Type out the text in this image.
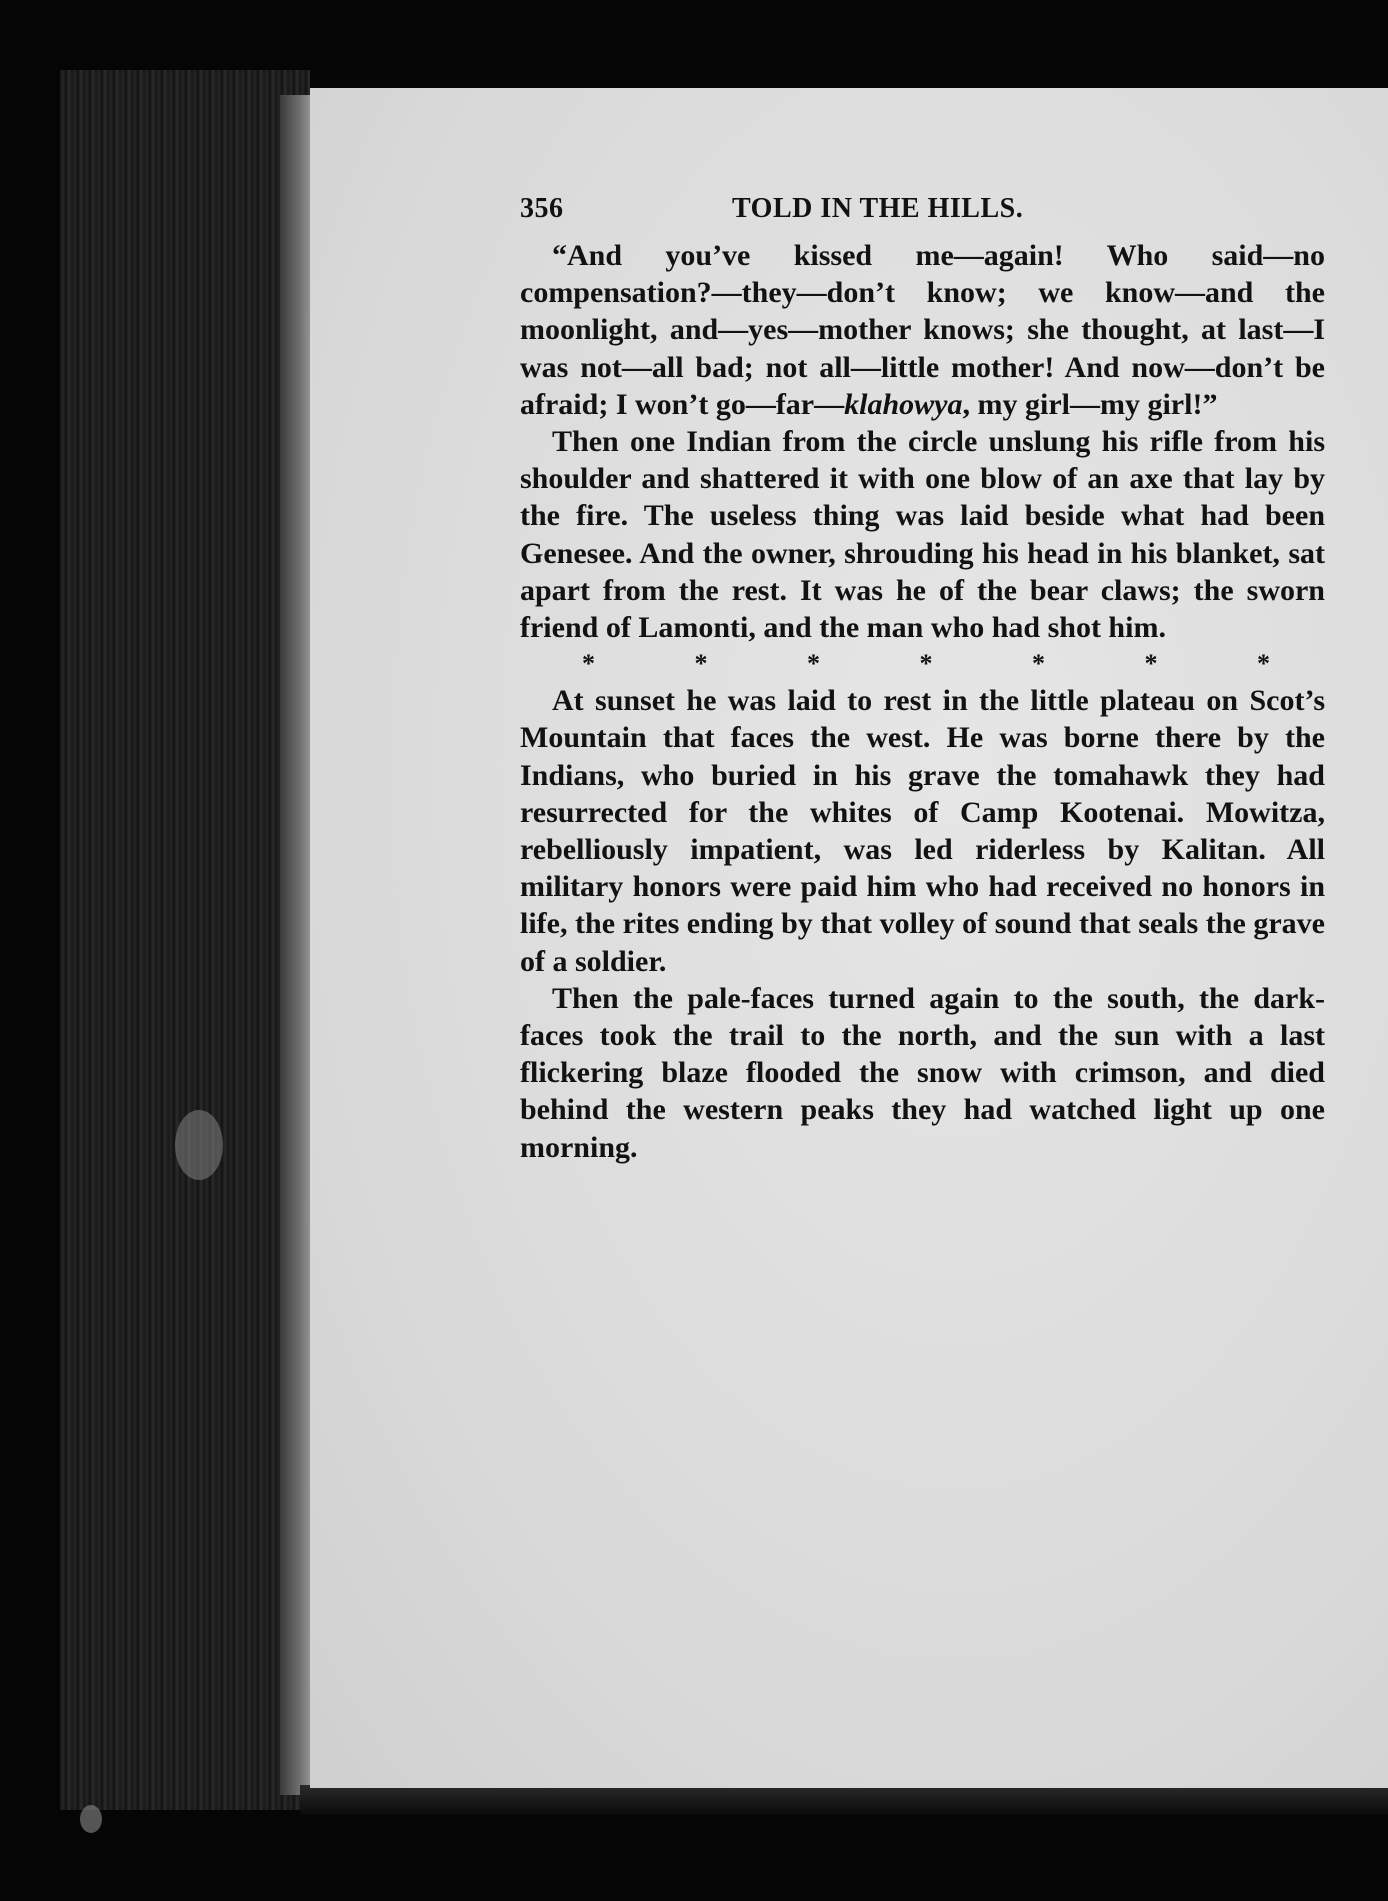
356	TOLD IN THE HILLS.

“And you’ve kissed me—again! Who said—no compensation?—they—don’t know; we know—and the moonlight, and—yes—mother knows; she thought, at last—I was not—all bad; not all—little mother! And now—don’t be afraid; I won’t go—far—klahowya, my girl—my girl!”

Then one Indian from the circle unslung his rifle from his shoulder and shattered it with one blow of an axe that lay by the fire. The useless thing was laid beside what had been Genesee. And the owner, shrouding his head in his blanket, sat apart from the rest. It was he of the bear claws; the sworn friend of Lamonti, and the man who had shot him.

*	*	*	*	*	*	*

At sunset he was laid to rest in the little plateau on Scot’s Mountain that faces the west. He was borne there by the Indians, who buried in his grave the tomahawk they had resurrected for the whites of Camp Kootenai. Mowitza, rebelliously impatient, was led riderless by Kalitan. All military honors were paid him who had received no honors in life, the rites ending by that volley of sound that seals the grave of a soldier.

Then the pale-faces turned again to the south, the dark-faces took the trail to the north, and the sun with a last flickering blaze flooded the snow with crimson, and died behind the western peaks they had watched light up one morning.
